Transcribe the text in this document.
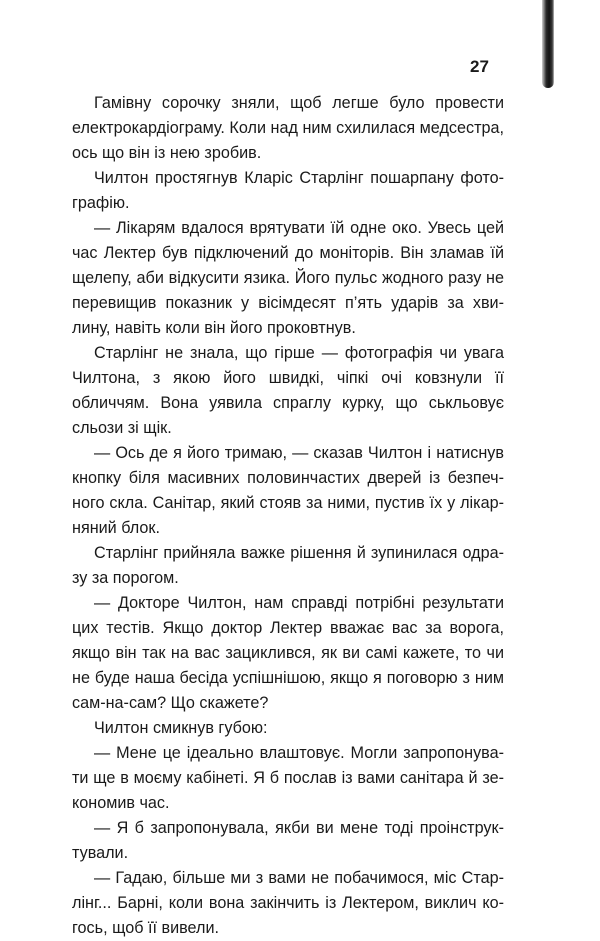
27

Гамівну сорочку зняли, щоб легше було провести електрокардіограму. Коли над ним схилилася медсестра, ось що він із нею зробив.

Чилтон простягнув Кларіс Старлінг пошарпану фотографію.

— Лікарям вдалося врятувати їй одне око. Увесь цей час Лектер був підключений до моніторів. Він зламав їй щелепу, аби відкусити язика. Його пульс жодного разу не перевищив показник у вісімдесят п’ять ударів за хвилину, навіть коли він його проковтнув.

Старлінг не знала, що гірше — фотографія чи увага Чилтона, з якою його швидкі, чіпкі очі ковзнули її обличчям. Вона уявила спраглу курку, що ськльовує сльози зі щік.

— Ось де я його тримаю, — сказав Чилтон і натиснув кнопку біля масивних половинчастих дверей із безпечного скла. Санітар, який стояв за ними, пустив їх у лікарняний блок.

Старлінг прийняла важке рішення й зупинилася одразу за порогом.

— Докторе Чилтон, нам справді потрібні результати цих тестів. Якщо доктор Лектер вважає вас за ворога, якщо він так на вас зациклився, як ви самі кажете, то чи не буде наша бесіда успішнішою, якщо я поговорю з ним сам-на-сам? Що скажете?

Чилтон смикнув губою:

— Мене це ідеально влаштовує. Могли запропонувати ще в моєму кабінеті. Я б послав із вами санітара й зекономив час.

— Я б запропонувала, якби ви мене тоді проінструктували.

— Гадаю, більше ми з вами не побачимося, міс Старлінг... Барні, коли вона закінчить із Лектером, виклич когось, щоб її вивели.
